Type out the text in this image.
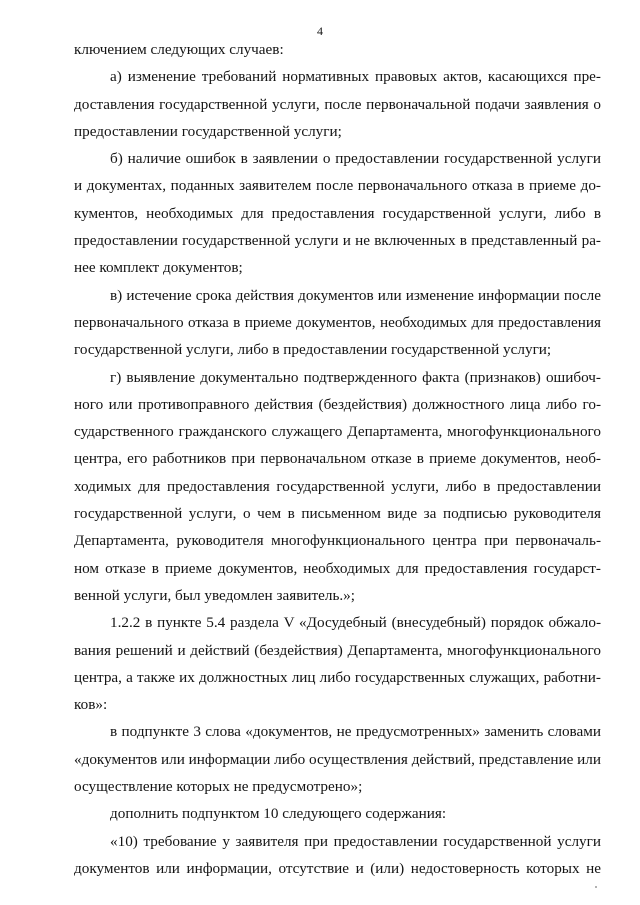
4
ключением следующих случаев:
а) изменение требований нормативных правовых актов, касающихся пре-
доставления государственной услуги, после первоначальной подачи заявления о
предоставлении государственной услуги;
б) наличие ошибок в заявлении о предоставлении государственной услуги
и документах, поданных заявителем после первоначального отказа в приеме до-
кументов, необходимых для предоставления государственной услуги, либо в
предоставлении государственной услуги и не включенных в представленный ра-
нее комплект документов;
в) истечение срока действия документов или изменение информации после
первоначального отказа в приеме документов, необходимых для предоставления
государственной услуги, либо в предоставлении государственной услуги;
г) выявление документально подтвержденного факта (признаков) ошибоч-
ного или противоправного действия (бездействия) должностного лица либо го-
сударственного гражданского служащего Департамента, многофункционального
центра, его работников при первоначальном отказе в приеме документов, необ-
ходимых для предоставления государственной услуги, либо в предоставлении
государственной услуги, о чем в письменном виде за подписью руководителя
Департамента, руководителя многофункционального центра при первоначаль-
ном отказе в приеме документов, необходимых для предоставления государст-
венной услуги, был уведомлен заявитель.»;
1.2.2 в пункте 5.4 раздела V «Досудебный (внесудебный) порядок обжало-
вания решений и действий (бездействия) Департамента, многофункционального
центра, а также их должностных лиц либо государственных служащих, работни-
ков»:
в подпункте 3 слова «документов, не предусмотренных» заменить словами
«документов или информации либо осуществления действий, представление или
осуществление которых не предусмотрено»;
дополнить подпунктом 10 следующего содержания:
«10) требование у заявителя при предоставлении государственной услуги
документов или информации, отсутствие и (или) недостоверность которых не
